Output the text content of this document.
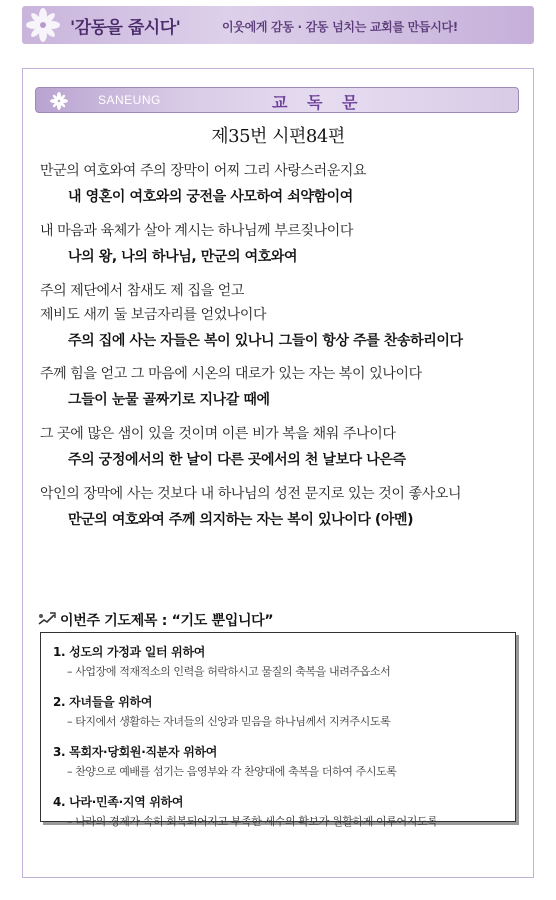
'감동을 줍시다'	이웃에게 감동 · 감동 넘치는 교회를 만듭시다!
SANEUNG	교 독 문
제35번 시편84편
만군의 여호와여 주의 장막이 어찌 그리 사랑스러운지요
내 영혼이 여호와의 궁전을 사모하여 쇠약함이여
내 마음과 육체가 살아 계시는 하나님께 부르짖나이다
나의 왕, 나의 하나님, 만군의 여호와여
주의 제단에서 참새도 제 집을 얻고
제비도 새끼 둘 보금자리를 얻었나이다
주의 집에 사는 자들은 복이 있나니 그들이 항상 주를 찬송하리이다
주께 힘을 얻고 그 마음에 시온의 대로가 있는 자는 복이 있나이다
그들이 눈물 골짜기로 지나갈 때에
그 곳에 많은 샘이 있을 것이며 이른 비가 복을 채워 주나이다
주의 궁정에서의 한 날이 다른 곳에서의 천 날보다 나은즉
악인의 장막에 사는 것보다 내 하나님의 성전 문지로 있는 것이 좋사오니
만군의 여호와여 주께 의지하는 자는 복이 있나이다 (아멘)
이번주 기도제목 : “기도 뿐입니다”
1. 성도의 가정과 일터 위하여
– 사업장에 적재적소의 인력을 허락하시고 물질의 축복을 내려주옵소서
2. 자녀들을 위하여
– 타지에서 생활하는 자녀들의 신앙과 믿음을 하나님께서 지켜주시도록
3. 목회자·당회원·직분자 위하여
– 찬양으로 예배를 섬기는 음영부와 각 찬양대에 축복을 더하여 주시도록
4. 나라·민족·지역 위하여
– 나라의 경제가 속히 회복되어지고 부족한 세수의 확보가 원활하게 이루어지도록
